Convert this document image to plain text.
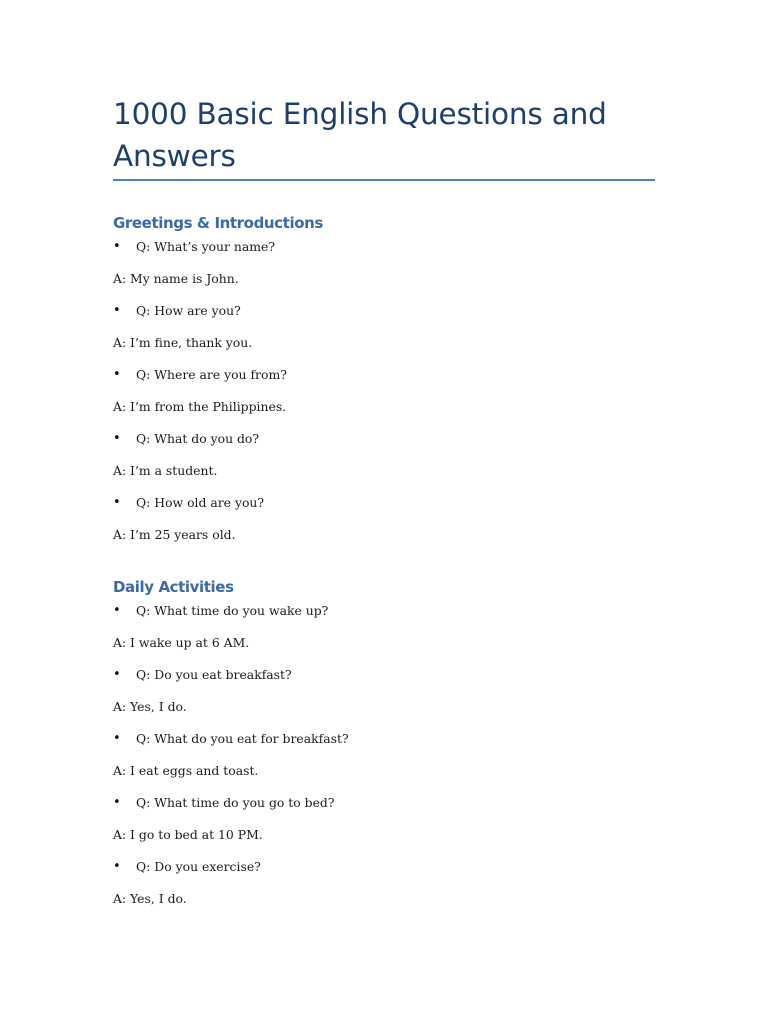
1000 Basic English Questions and Answers
Greetings & Introductions
• Q: What’s your name?
A: My name is John.
• Q: How are you?
A: I’m fine, thank you.
• Q: Where are you from?
A: I’m from the Philippines.
• Q: What do you do?
A: I’m a student.
• Q: How old are you?
A: I’m 25 years old.
Daily Activities
• Q: What time do you wake up?
A: I wake up at 6 AM.
• Q: Do you eat breakfast?
A: Yes, I do.
• Q: What do you eat for breakfast?
A: I eat eggs and toast.
• Q: What time do you go to bed?
A: I go to bed at 10 PM.
• Q: Do you exercise?
A: Yes, I do.
